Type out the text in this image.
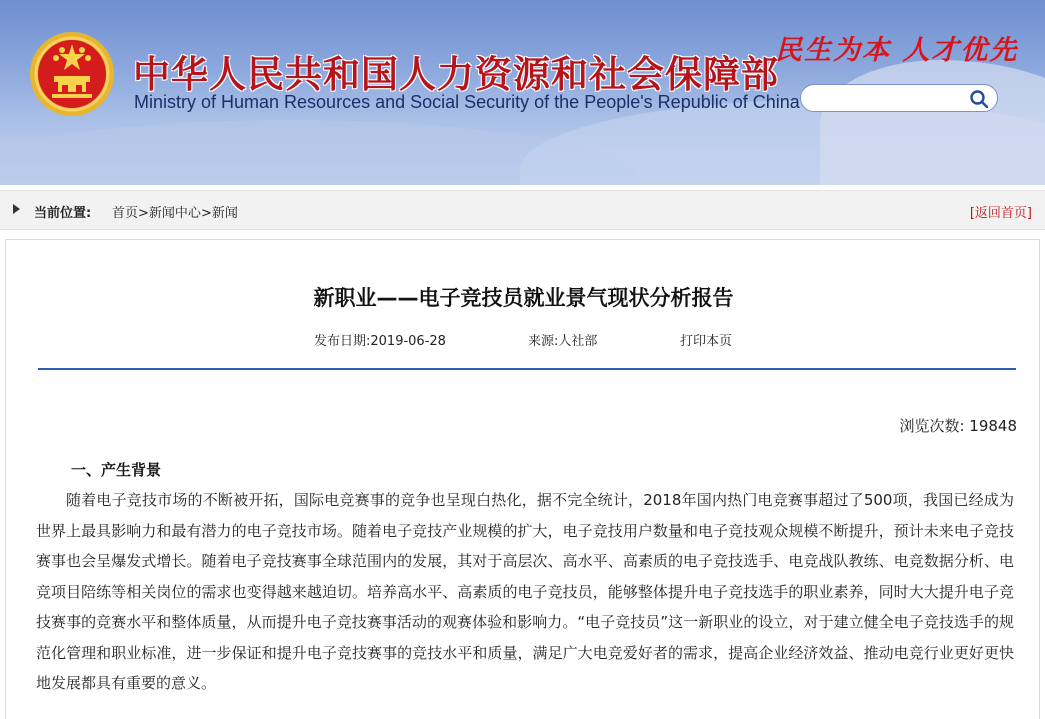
中华人民共和国人力资源和社会保障部
Ministry of Human Resources and Social Security of the People's Republic of China
民生为本 人才优先
当前位置: 首页>新闻中心>新闻	[返回首页]
新职业——电子竞技员就业景气现状分析报告
发布日期:2019-06-28	来源:人社部	打印本页
浏览次数: 19848
一、产生背景
随着电子竞技市场的不断被开拓，国际电竞赛事的竞争也呈现白热化，据不完全统计，2018年国内热门电竞赛事超过了500项，我国已经成为世界上最具影响力和最有潜力的电子竞技市场。随着电子竞技产业规模的扩大，电子竞技用户数量和电子竞技观众规模不断提升，预计未来电子竞技赛事也会呈爆发式增长。随着电子竞技赛事全球范围内的发展，其对于高层次、高水平、高素质的电子竞技选手、电竞战队教练、电竞数据分析、电竞项目陪练等相关岗位的需求也变得越来越迫切。培养高水平、高素质的电子竞技员，能够整体提升电子竞技选手的职业素养，同时大大提升电子竞技赛事的竞赛水平和整体质量，从而提升电子竞技赛事活动的观赛体验和影响力。“电子竞技员”这一新职业的设立，对于建立健全电子竞技选手的规范化管理和职业标准，进一步保证和提升电子竞技赛事的竞技水平和质量，满足广大电竞爱好者的需求，提高企业经济效益、推动电竞行业更好更快地发展都具有重要的意义。
